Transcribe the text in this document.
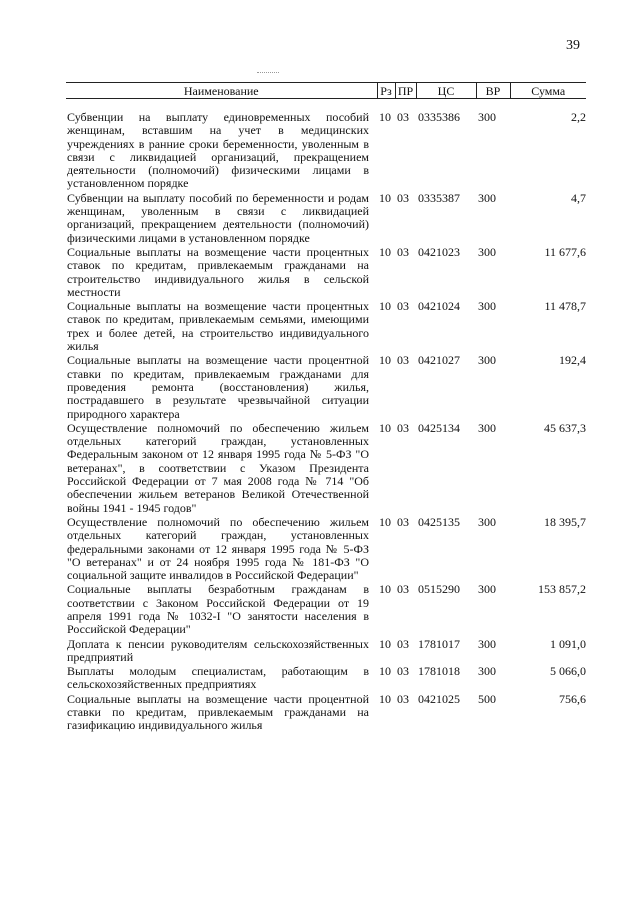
39
Наименование	Рз	ПР	ЦС	ВР	Сумма

Субвенции на выплату единовременных пособий женщинам, вставшим на учет в медицинских учреждениях в ранние сроки беременности, уволенным в связи с ликвидацией организаций, прекращением деятельности (полномочий) физическими лицами в установленном порядке	10	03	0335386	300	2,2
Субвенции на выплату пособий по беременности и родам женщинам, уволенным в связи с ликвидацией организаций, прекращением деятельности (полномочий) физическими лицами в установленном порядке	10	03	0335387	300	4,7
Социальные выплаты на возмещение части процентных ставок по кредитам, привлекаемым гражданами на строительство индивидуального жилья в сельской местности	10	03	0421023	300	11 677,6
Социальные выплаты на возмещение части процентных ставок по кредитам, привлекаемым семьями, имеющими трех и более детей, на строительство индивидуального жилья	10	03	0421024	300	11 478,7
Социальные выплаты на возмещение части процентной ставки по кредитам, привлекаемым гражданами для проведения ремонта (восстановления) жилья, пострадавшего в результате чрезвычайной ситуации природного характера	10	03	0421027	300	192,4
Осуществление полномочий по обеспечению жильем отдельных категорий граждан, установленных Федеральным законом от 12 января 1995 года № 5-ФЗ "О ветеранах", в соответствии с Указом Президента Российской Федерации от 7 мая 2008 года № 714 "Об обеспечении жильем ветеранов Великой Отечественной войны 1941 - 1945 годов"	10	03	0425134	300	45 637,3
Осуществление полномочий по обеспечению жильем отдельных категорий граждан, установленных федеральными законами от 12 января 1995 года № 5-ФЗ "О ветеранах" и от 24 ноября 1995 года № 181-ФЗ "О социальной защите инвалидов в Российской Федерации"	10	03	0425135	300	18 395,7
Социальные выплаты безработным гражданам в соответствии с Законом Российской Федерации от 19 апреля 1991 года № 1032-I "О занятости населения в Российской Федерации"	10	03	0515290	300	153 857,2
Доплата к пенсии руководителям сельскохозяйственных предприятий	10	03	1781017	300	1 091,0
Выплаты молодым специалистам, работающим в сельскохозяйственных предприятиях	10	03	1781018	300	5 066,0
Социальные выплаты на возмещение части процентной ставки по кредитам, привлекаемым гражданами на газификацию индивидуального жилья	10	03	0421025	500	756,6
